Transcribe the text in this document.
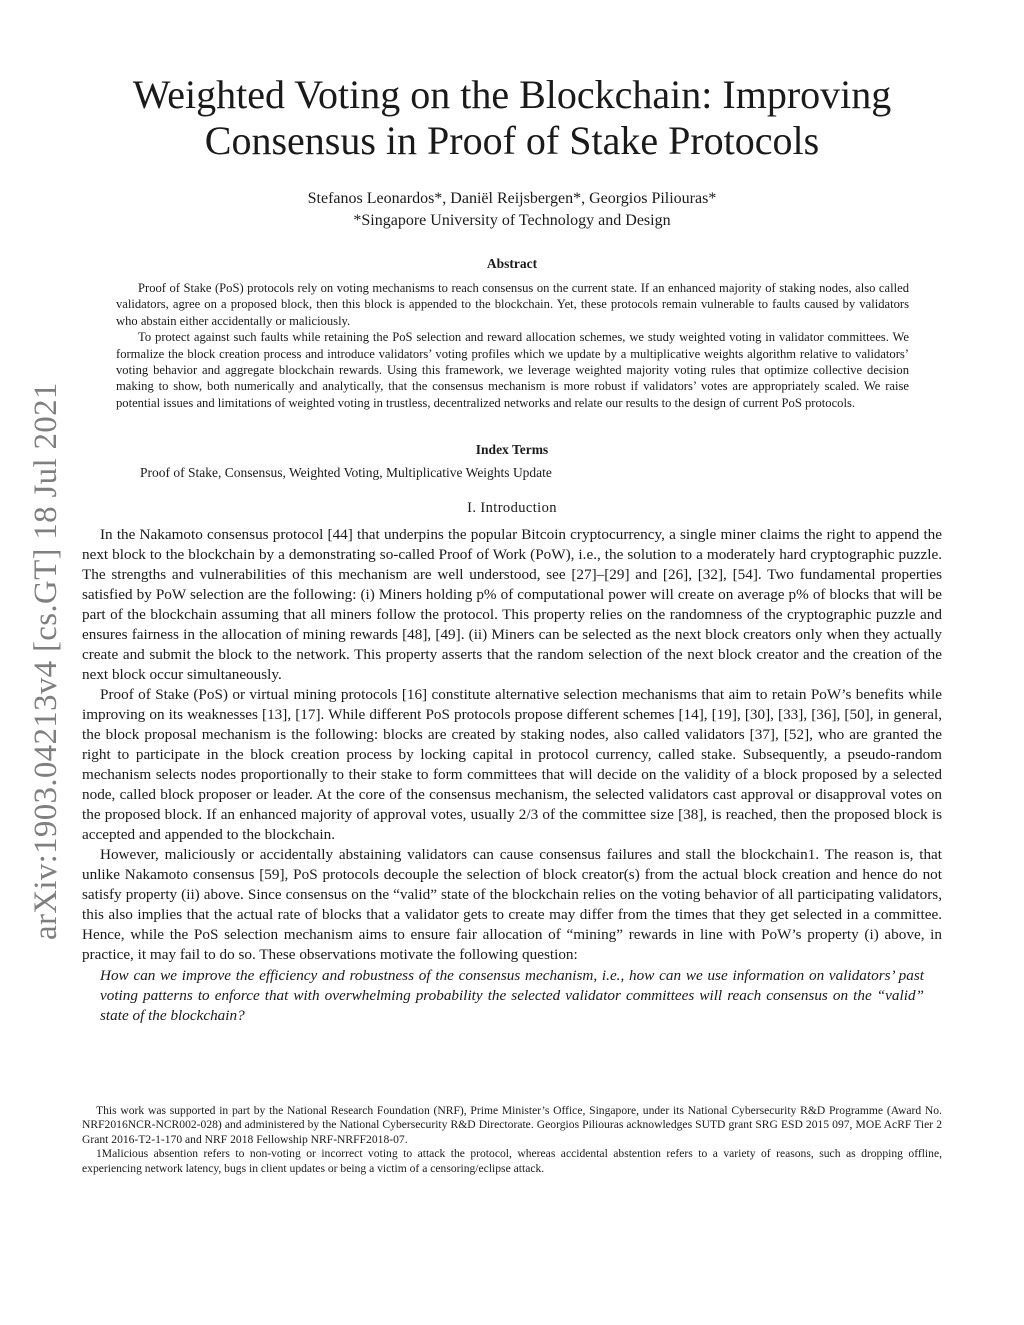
arXiv:1903.04213v4 [cs.GT] 18 Jul 2021
Weighted Voting on the Blockchain: Improving
Consensus in Proof of Stake Protocols
Stefanos Leonardos*, Daniël Reijsbergen*, Georgios Piliouras*
*Singapore University of Technology and Design
Abstract

Proof of Stake (PoS) protocols rely on voting mechanisms to reach consensus on the current state. If an enhanced majority of staking nodes, also called validators, agree on a proposed block, then this block is appended to the blockchain. Yet, these protocols remain vulnerable to faults caused by validators who abstain either accidentally or maliciously.

To protect against such faults while retaining the PoS selection and reward allocation schemes, we study weighted voting in validator committees. We formalize the block creation process and introduce validators’ voting profiles which we update by a multiplicative weights algorithm relative to validators’ voting behavior and aggregate blockchain rewards. Using this framework, we leverage weighted majority voting rules that optimize collective decision making to show, both numerically and analytically, that the consensus mechanism is more robust if validators’ votes are appropriately scaled. We raise potential issues and limitations of weighted voting in trustless, decentralized networks and relate our results to the design of current PoS protocols.

Index Terms
Proof of Stake, Consensus, Weighted Voting, Multiplicative Weights Update
I. Introduction

In the Nakamoto consensus protocol [44] that underpins the popular Bitcoin cryptocurrency, a single miner claims the right to append the next block to the blockchain by a demonstrating so-called Proof of Work (PoW), i.e., the solution to a moderately hard cryptographic puzzle. The strengths and vulnerabilities of this mechanism are well understood, see [27]–[29] and [26], [32], [54]. Two fundamental properties satisfied by PoW selection are the following: (i) Miners holding p% of computational power will create on average p% of blocks that will be part of the blockchain assuming that all miners follow the protocol. This property relies on the randomness of the cryptographic puzzle and ensures fairness in the allocation of mining rewards [48], [49]. (ii) Miners can be selected as the next block creators only when they actually create and submit the block to the network. This property asserts that the random selection of the next block creator and the creation of the next block occur simultaneously.

Proof of Stake (PoS) or virtual mining protocols [16] constitute alternative selection mechanisms that aim to retain PoW’s benefits while improving on its weaknesses [13], [17]. While different PoS protocols propose different schemes [14], [19], [30], [33], [36], [50], in general, the block proposal mechanism is the following: blocks are created by staking nodes, also called validators [37], [52], who are granted the right to participate in the block creation process by locking capital in protocol currency, called stake. Subsequently, a pseudo-random mechanism selects nodes proportionally to their stake to form committees that will decide on the validity of a block proposed by a selected node, called block proposer or leader. At the core of the consensus mechanism, the selected validators cast approval or disapproval votes on the proposed block. If an enhanced majority of approval votes, usually 2/3 of the committee size [38], is reached, then the proposed block is accepted and appended to the blockchain.

However, maliciously or accidentally abstaining validators can cause consensus failures and stall the blockchain1. The reason is, that unlike Nakamoto consensus [59], PoS protocols decouple the selection of block creator(s) from the actual block creation and hence do not satisfy property (ii) above. Since consensus on the “valid” state of the blockchain relies on the voting behavior of all participating validators, this also implies that the actual rate of blocks that a validator gets to create may differ from the times that they get selected in a committee. Hence, while the PoS selection mechanism aims to ensure fair allocation of “mining” rewards in line with PoW’s property (i) above, in practice, it may fail to do so. These observations motivate the following question:

How can we improve the efficiency and robustness of the consensus mechanism, i.e., how can we use information on validators’ past voting patterns to enforce that with overwhelming probability the selected validator committees will reach consensus on the “valid” state of the blockchain?

This work was supported in part by the National Research Foundation (NRF), Prime Minister’s Office, Singapore, under its National Cybersecurity R&D Programme (Award No. NRF2016NCR-NCR002-028) and administered by the National Cybersecurity R&D Directorate. Georgios Piliouras acknowledges SUTD grant SRG ESD 2015 097, MOE AcRF Tier 2 Grant 2016-T2-1-170 and NRF 2018 Fellowship NRF-NRFF2018-07.

1Malicious absention refers to non-voting or incorrect voting to attack the protocol, whereas accidental abstention refers to a variety of reasons, such as dropping offline, experiencing network latency, bugs in client updates or being a victim of a censoring/eclipse attack.
